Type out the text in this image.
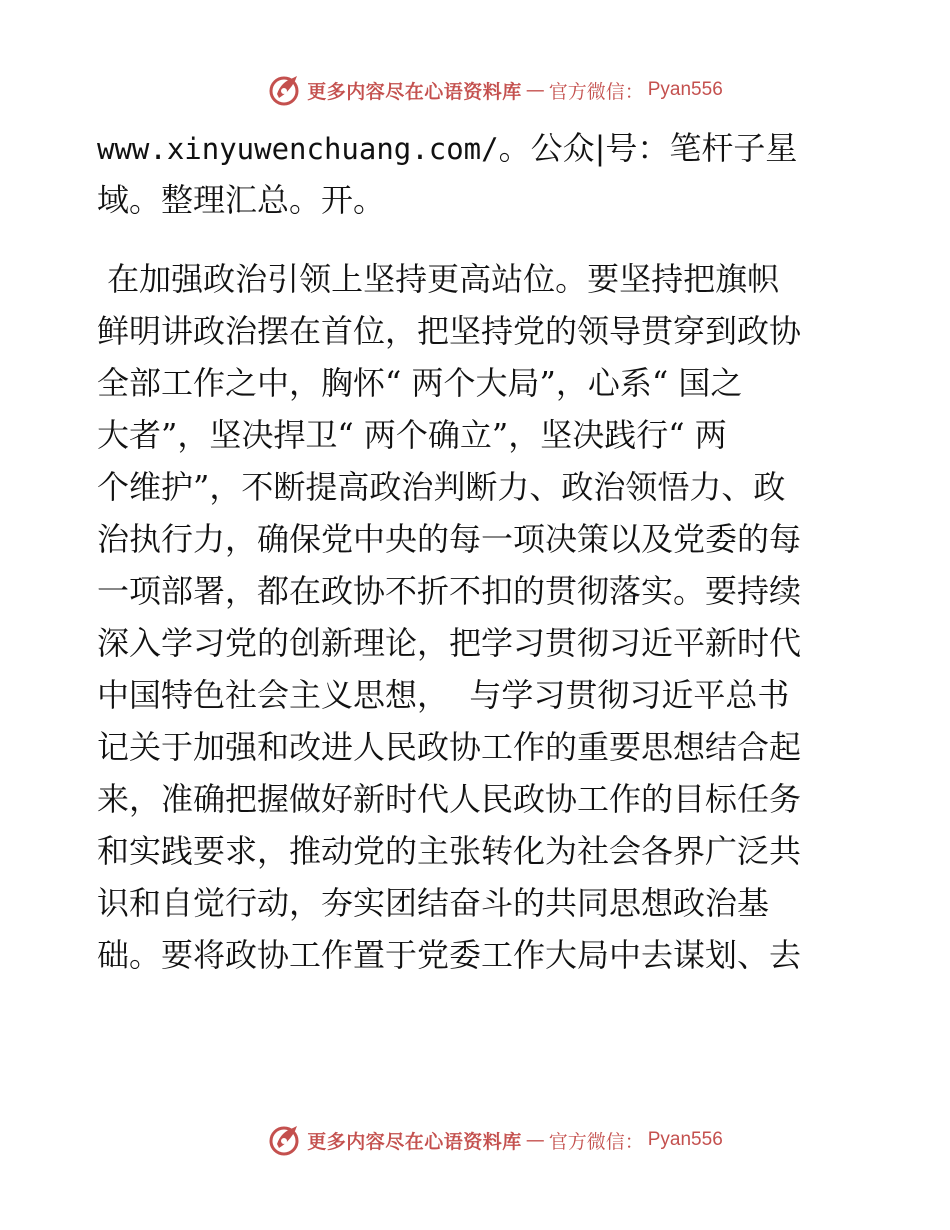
更多内容尽在心语资料库 — 官方微信： Pyan556
www.xinyuwenchuang.com/。公众|号：笔杆子星
域。整理汇总。开。
在加强政治引领上坚持更高站位。要坚持把旗帜
鲜明讲政治摆在首位，把坚持党的领导贯穿到政协
全部工作之中，胸怀“ 两个大局”，心系“ 国之
大者”，坚决捍卫“ 两个确立”，坚决践行“ 两
个维护”，不断提高政治判断力、政治领悟力、政
治执行力，确保党中央的每一项决策以及党委的每
一项部署，都在政协不折不扣的贯彻落实。要持续
深入学习党的创新理论，把学习贯彻习近平新时代
中国特色社会主义思想，  与学习贯彻习近平总书
记关于加强和改进人民政协工作的重要思想结合起
来，准确把握做好新时代人民政协工作的目标任务
和实践要求，推动党的主张转化为社会各界广泛共
识和自觉行动，夯实团结奋斗的共同思想政治基
础。要将政协工作置于党委工作大局中去谋划、去
更多内容尽在心语资料库 — 官方微信： Pyan556
